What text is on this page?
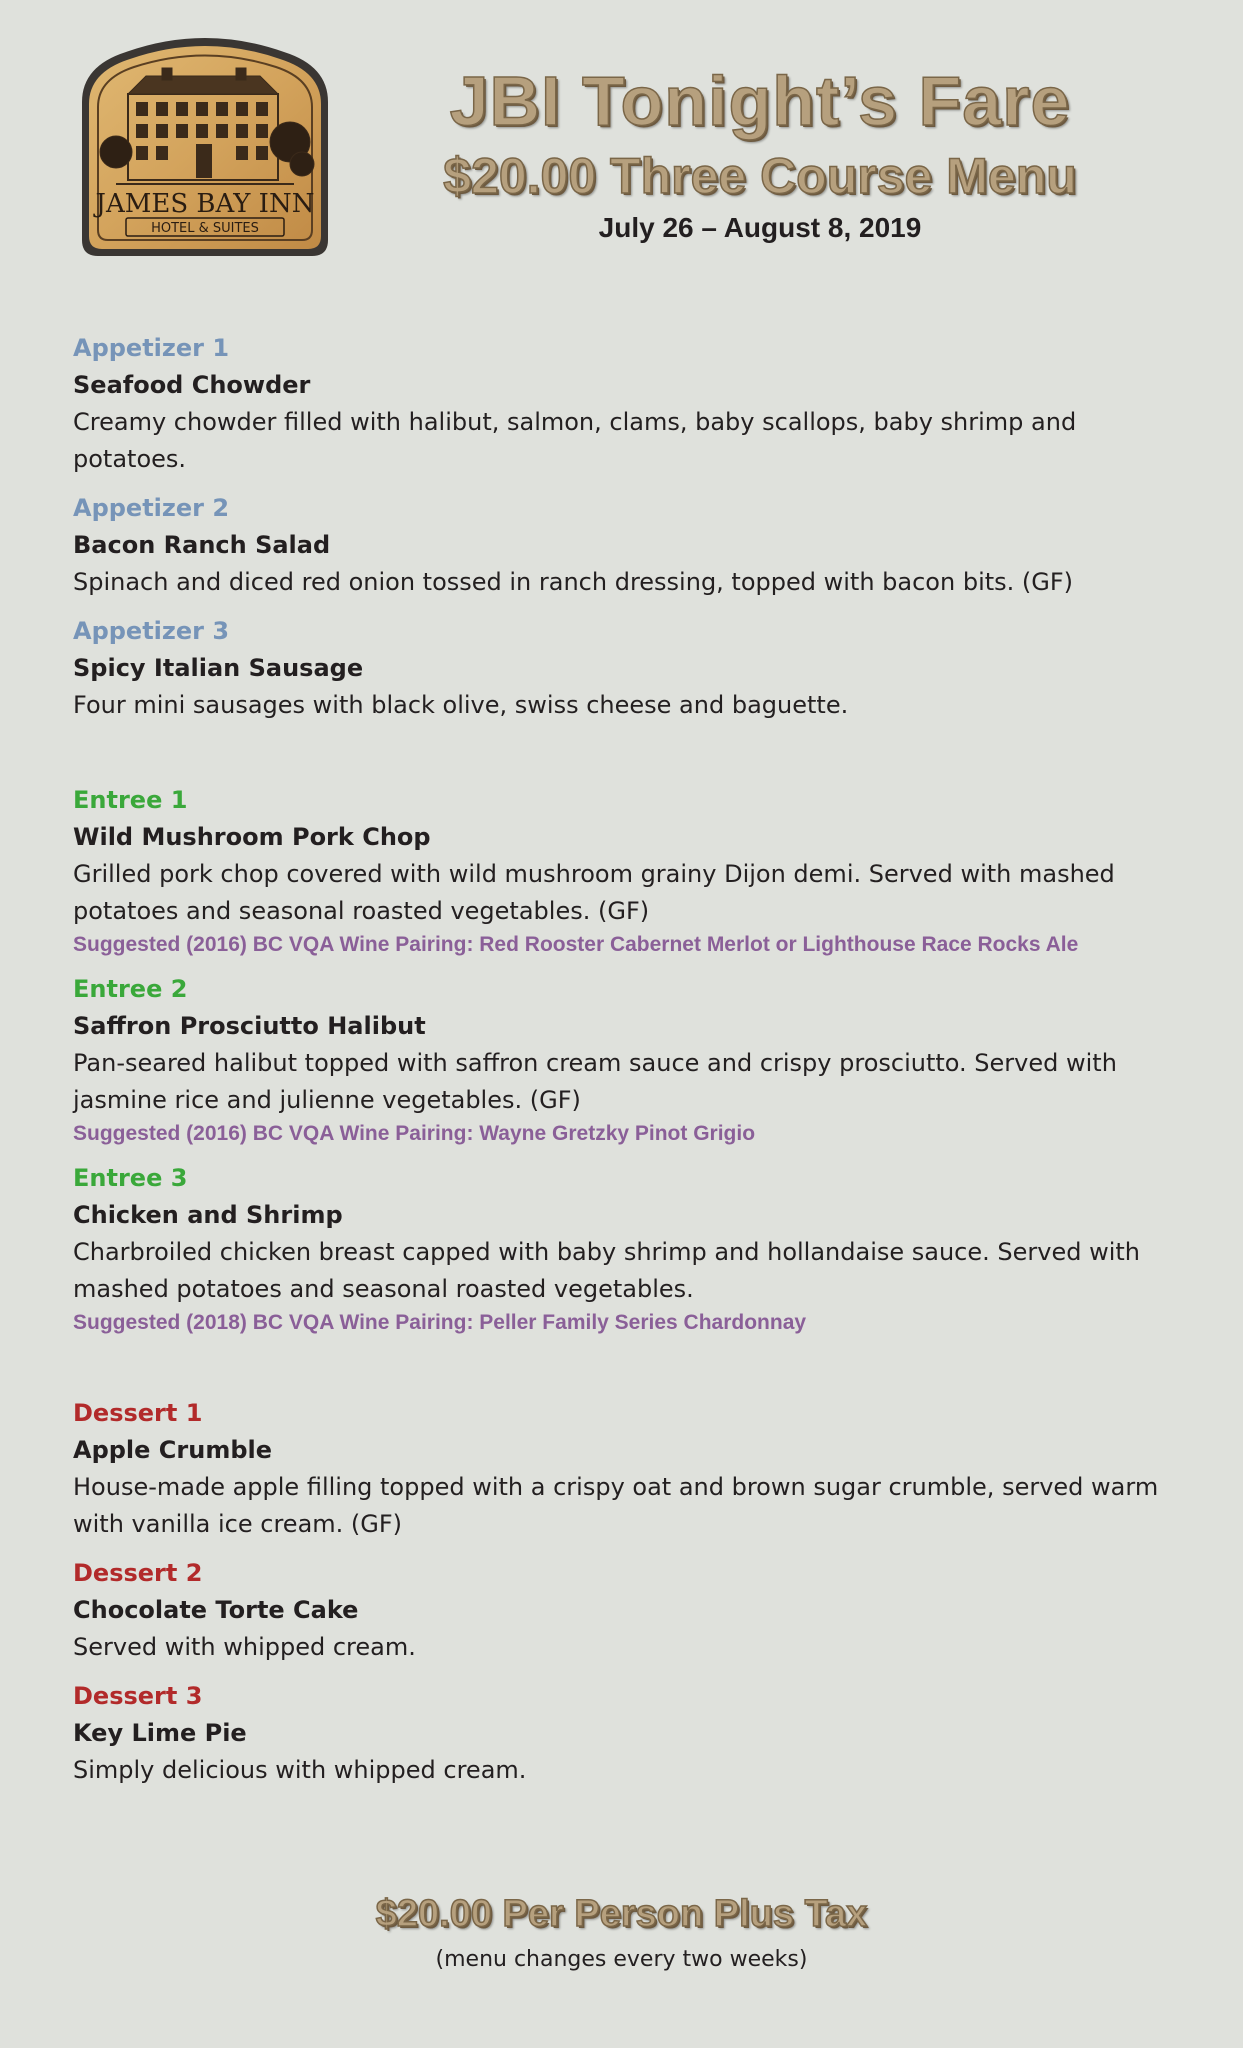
JAMES BAY INN
HOTEL & SUITES
JBI Tonight’s Fare
$20.00 Three Course Menu
July 26 – August 8, 2019
Appetizer 1
Seafood Chowder
Creamy chowder filled with halibut, salmon, clams, baby scallops, baby shrimp and potatoes.
Appetizer 2
Bacon Ranch Salad
Spinach and diced red onion tossed in ranch dressing, topped with bacon bits. (GF)
Appetizer 3
Spicy Italian Sausage
Four mini sausages with black olive, swiss cheese and baguette.
Entree 1
Wild Mushroom Pork Chop
Grilled pork chop covered with wild mushroom grainy Dijon demi. Served with mashed potatoes and seasonal roasted vegetables. (GF)
Suggested (2016) BC VQA Wine Pairing: Red Rooster Cabernet Merlot or Lighthouse Race Rocks Ale
Entree 2
Saffron Prosciutto Halibut
Pan-seared halibut topped with saffron cream sauce and crispy prosciutto. Served with jasmine rice and julienne vegetables. (GF)
Suggested (2016) BC VQA Wine Pairing: Wayne Gretzky Pinot Grigio
Entree 3
Chicken and Shrimp
Charbroiled chicken breast capped with baby shrimp and hollandaise sauce. Served with mashed potatoes and seasonal roasted vegetables.
Suggested (2018) BC VQA Wine Pairing: Peller Family Series Chardonnay
Dessert 1
Apple Crumble
House-made apple filling topped with a crispy oat and brown sugar crumble, served warm with vanilla ice cream. (GF)
Dessert 2
Chocolate Torte Cake
Served with whipped cream.
Dessert 3
Key Lime Pie
Simply delicious with whipped cream.
$20.00 Per Person Plus Tax
(menu changes every two weeks)
